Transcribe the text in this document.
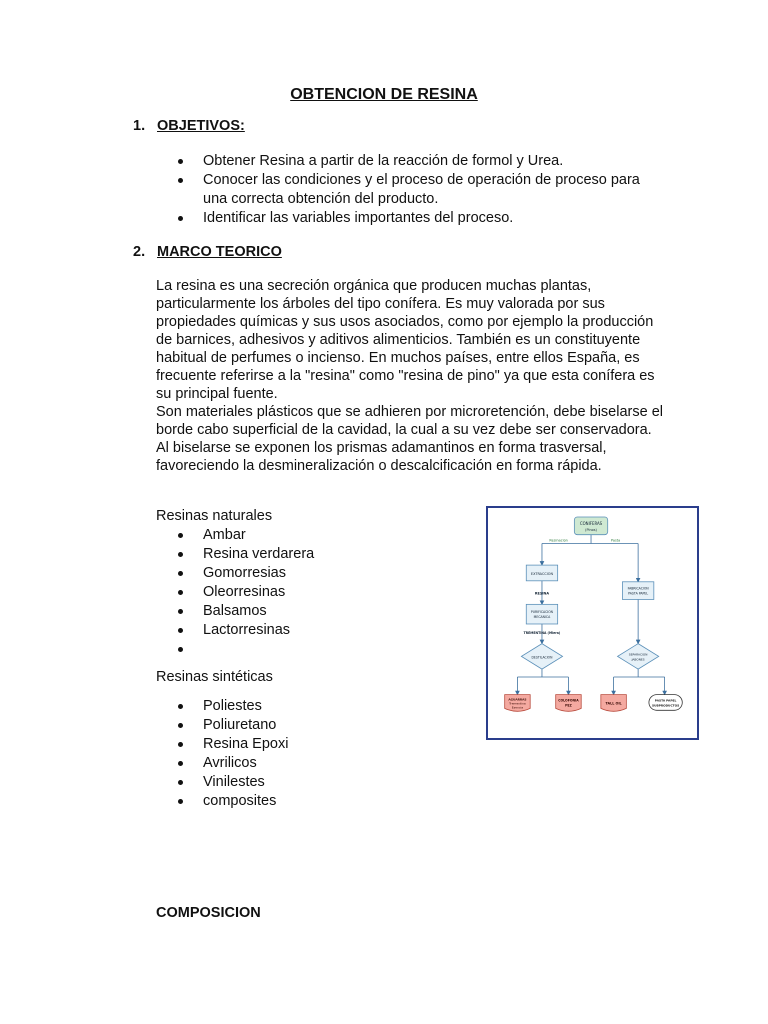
OBTENCION DE RESINA
1. OBJETIVOS:
Obtener Resina a partir de la reacción de formol y Urea.
Conocer las condiciones y el proceso de operación de proceso para una correcta obtención del producto.
Identificar las variables importantes del proceso.
2. MARCO TEORICO

La resina es una secreción orgánica que producen muchas plantas, particularmente los árboles del tipo conífera. Es muy valorada por sus propiedades químicas y sus usos asociados, como por ejemplo la producción de barnices, adhesivos y aditivos alimenticios. También es un constituyente habitual de perfumes o incienso. En muchos países, entre ellos España, es frecuente referirse a la "resina" como "resina de pino" ya que esta conífera es su principal fuente.

Son materiales plásticos que se adhieren por microretención, debe biselarse el borde cabo superficial de la cavidad, la cual a su vez debe ser conservadora. Al biselarse se exponen los prismas adamantinos en forma trasversal, favoreciendo la desmineralización o descalcificación en forma rápida.

Resinas naturales
Ambar
Resina verdarera
Gomorresias
Oleorresinas
Balsamos
Lactorresinas
Resinas sintéticas
Poliestes
Poliuretano
Resina Epoxi
Avrilicos
Vinilestes
composites
COMPOSICION
CONIFERAS
(Pinos)
Resinacion	Pasta
EXTRACCION
RESINA
PURIFICACION
MECANICA
TREMENTINA (Miera)
DESTILACION
FABRICACION
PASTA PAPEL
SEPARACION
JABONES
AGUARRAS
Trementina
Esencia
COLOFONIA
PEZ	TALL OIL
PASTA PAPEL
SUBPRODUCTOS
